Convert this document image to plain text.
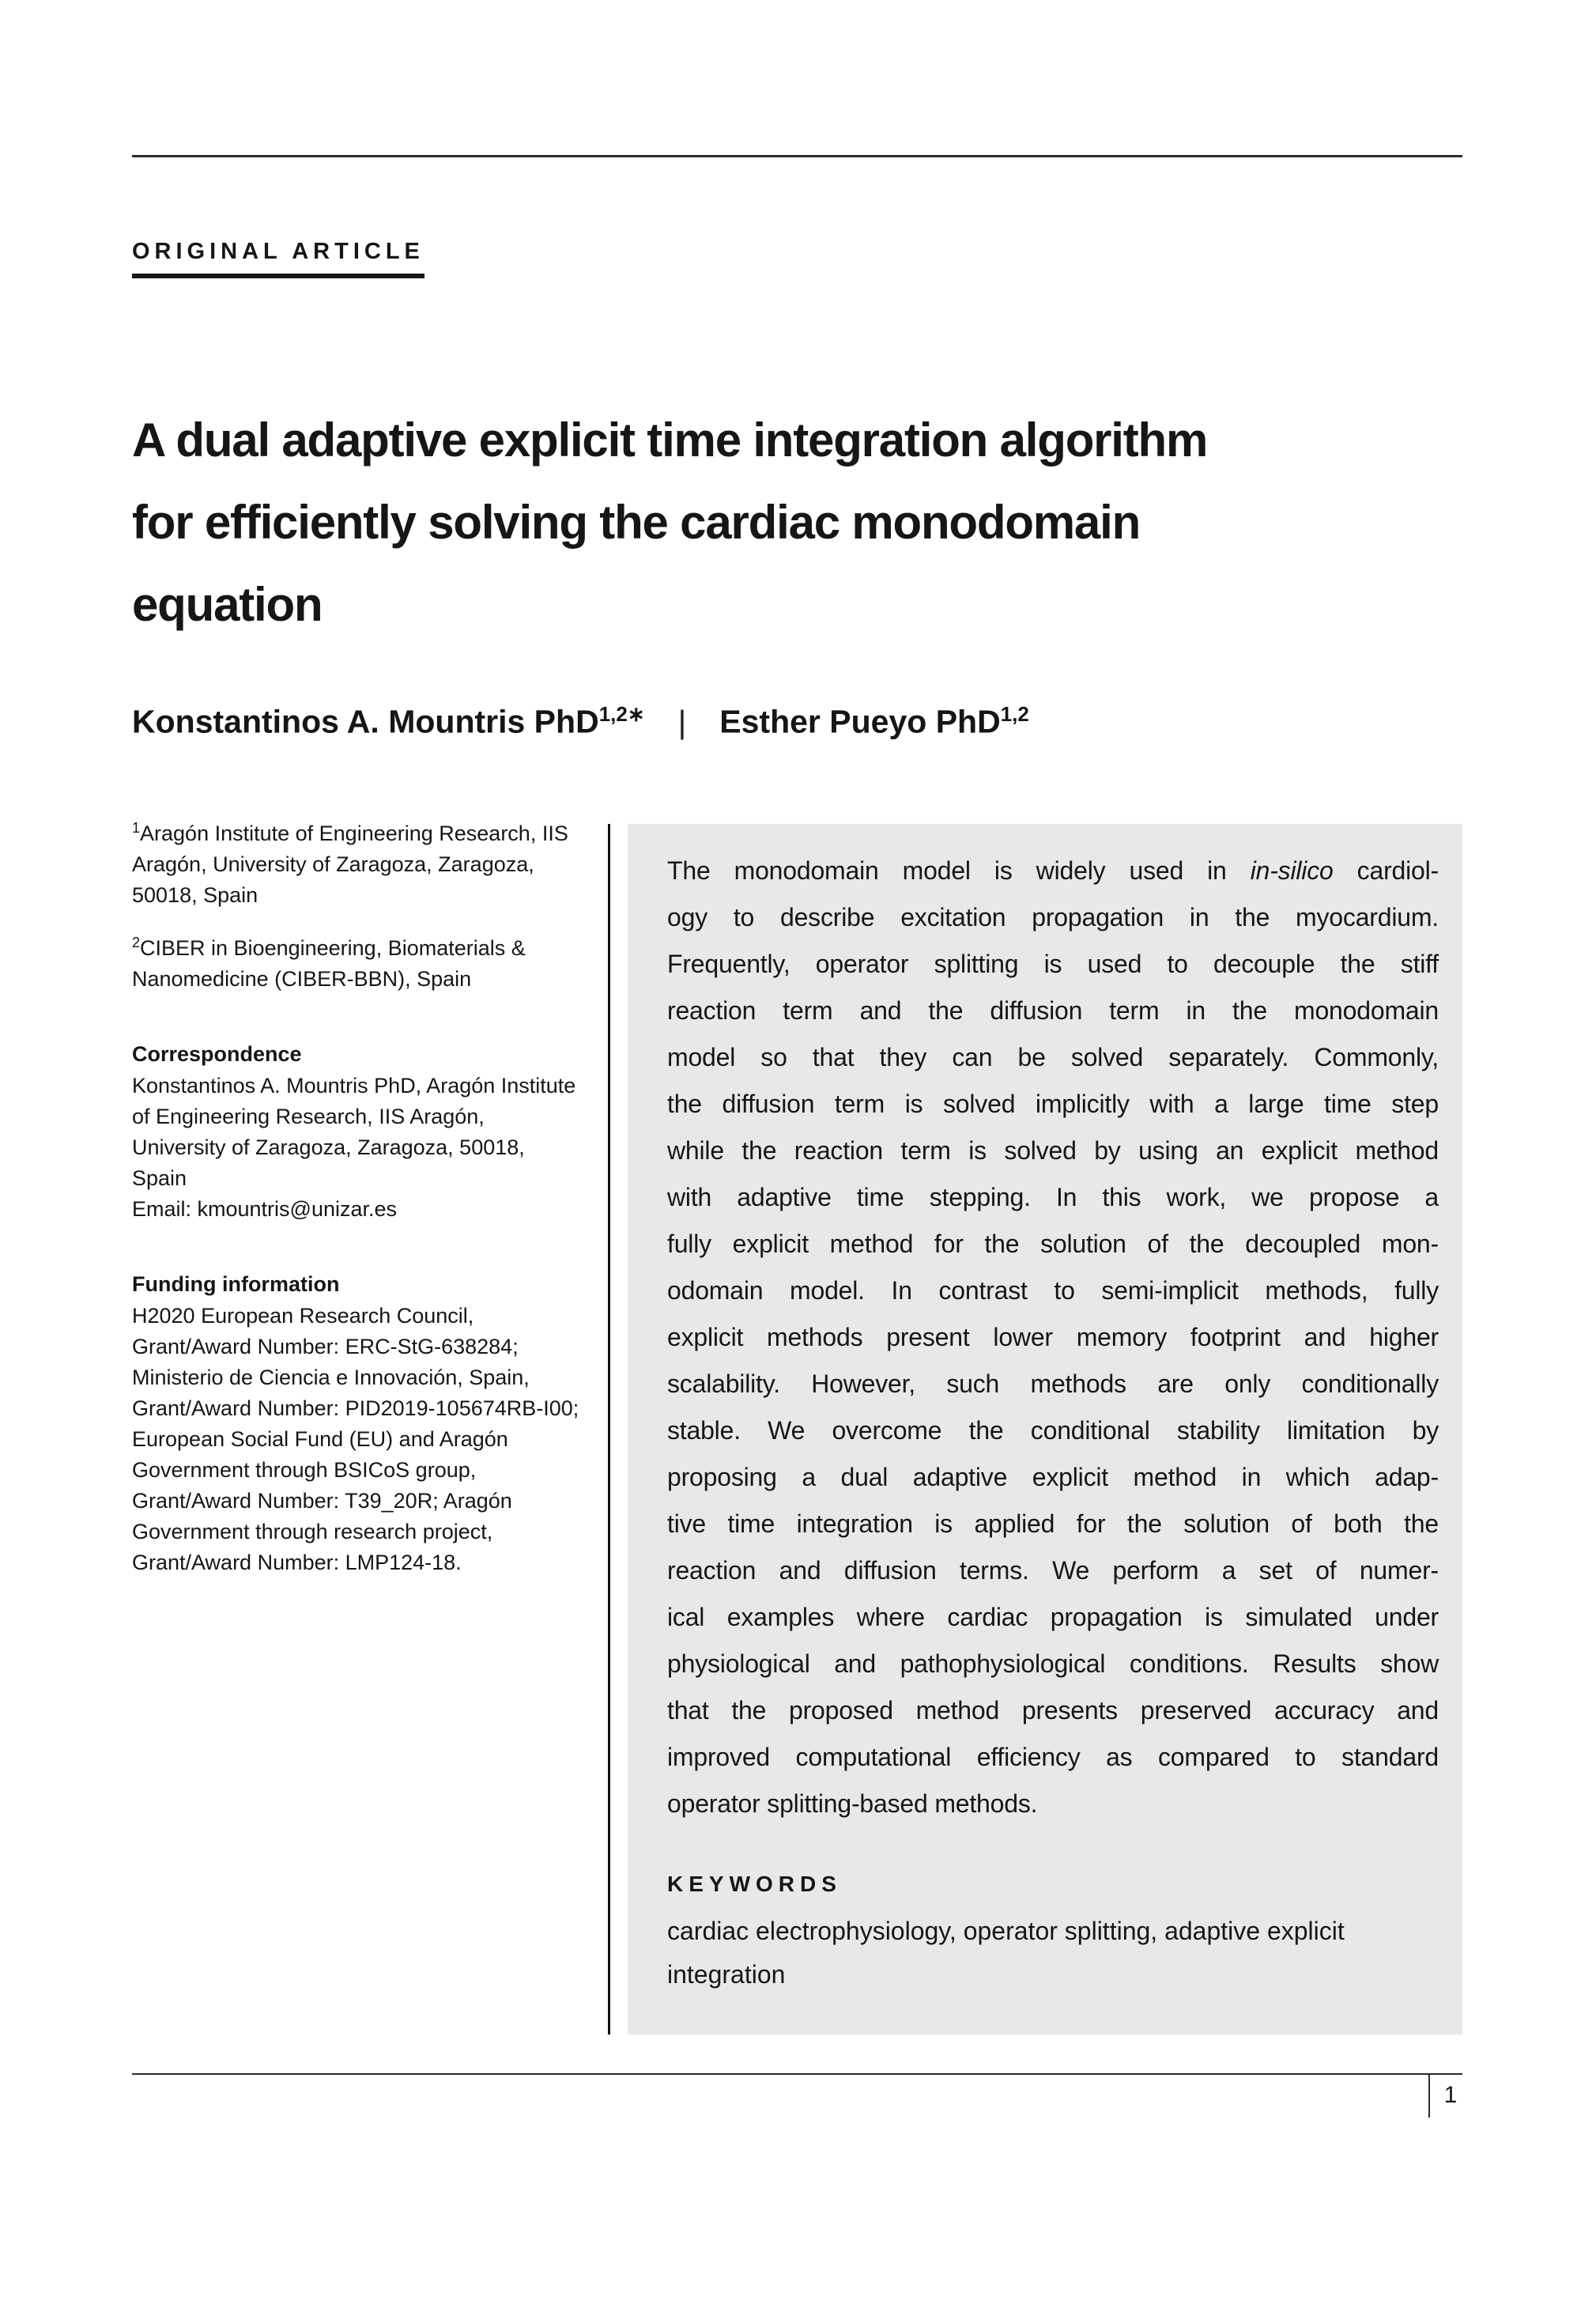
ORIGINAL ARTICLE
A dual adaptive explicit time integration algorithm
for efficiently solving the cardiac monodomain
equation
Konstantinos A. Mountris PhD$^{1,2∗}$ | Esther Pueyo PhD$^{1,2}$
$^1$Aragón Institute of Engineering Research, IIS Aragón, University of Zaragoza, Zaragoza, 50018, Spain
$^2$CIBER in Bioengineering, Biomaterials & Nanomedicine (CIBER-BBN), Spain
Correspondence
Konstantinos A. Mountris PhD, Aragón Institute of Engineering Research, IIS Aragón, University of Zaragoza, Zaragoza, 50018, Spain
Email: kmountris@unizar.es
Funding information
H2020 European Research Council, Grant/Award Number: ERC-StG-638284; Ministerio de Ciencia e Innovación, Spain, Grant/Award Number: PID2019-105674RB-I00; European Social Fund (EU) and Aragón Government through BSICoS group, Grant/Award Number: T39_20R; Aragón Government through research project, Grant/Award Number: LMP124-18.
The monodomain model is widely used in in-silico cardiol-
ogy to describe excitation propagation in the myocardium.
Frequently, operator splitting is used to decouple the stiff
reaction term and the diffusion term in the monodomain
model so that they can be solved separately. Commonly,
the diffusion term is solved implicitly with a large time step
while the reaction term is solved by using an explicit method
with adaptive time stepping. In this work, we propose a
fully explicit method for the solution of the decoupled mon-
odomain model. In contrast to semi-implicit methods, fully
explicit methods present lower memory footprint and higher
scalability. However, such methods are only conditionally
stable. We overcome the conditional stability limitation by
proposing a dual adaptive explicit method in which adap-
tive time integration is applied for the solution of both the
reaction and diffusion terms. We perform a set of numer-
ical examples where cardiac propagation is simulated under
physiological and pathophysiological conditions. Results show
that the proposed method presents preserved accuracy and
improved computational efficiency as compared to standard
operator splitting-based methods.
KEYWORDS
cardiac electrophysiology, operator splitting, adaptive explicit integration
1
